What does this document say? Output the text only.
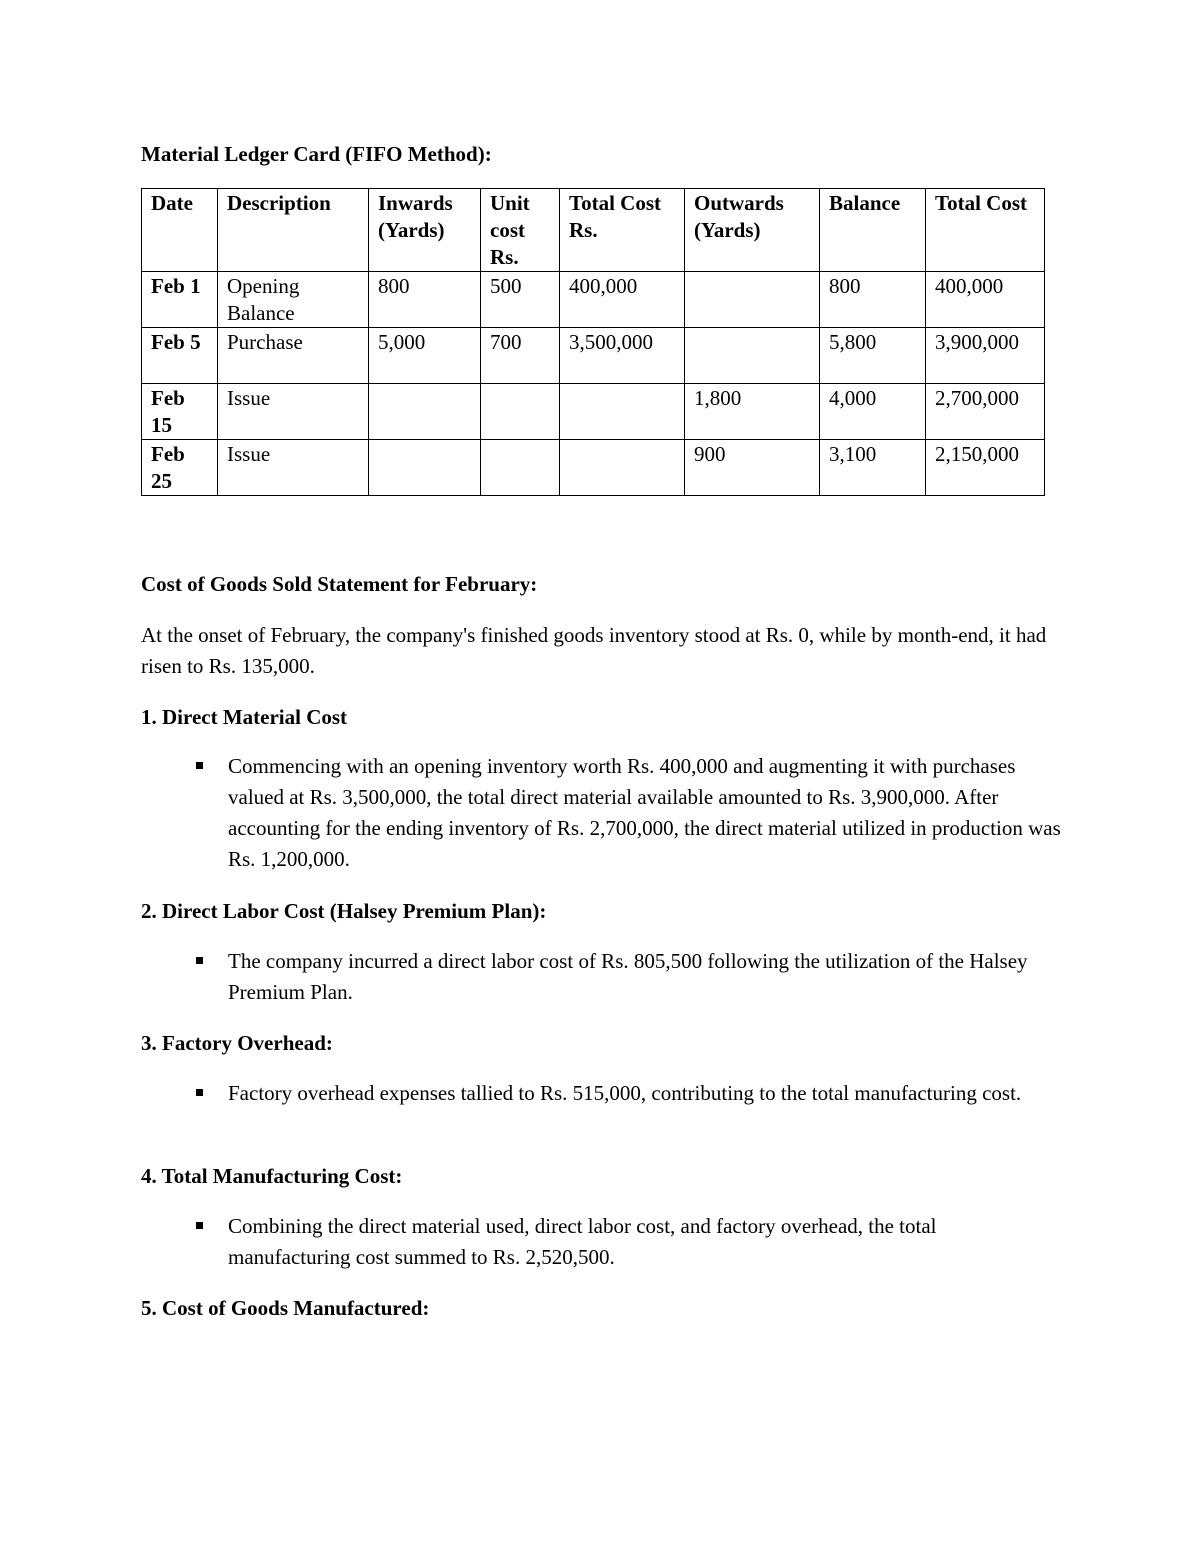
Material Ledger Card (FIFO Method):
Date	Description	Inwards (Yards)	Unit cost Rs.	Total Cost Rs.	Outwards (Yards)	Balance	Total Cost
Feb 1	Opening Balance	800	500	400,000		800	400,000
Feb 5	Purchase	5,000	700	3,500,000		5,800	3,900,000
Feb 15	Issue				1,800	4,000	2,700,000
Feb 25	Issue				900	3,100	2,150,000
Cost of Goods Sold Statement for February:
At the onset of February, the company's finished goods inventory stood at Rs. 0, while by month-end, it had risen to Rs. 135,000.
1. Direct Material Cost
Commencing with an opening inventory worth Rs. 400,000 and augmenting it with purchases valued at Rs. 3,500,000, the total direct material available amounted to Rs. 3,900,000. After accounting for the ending inventory of Rs. 2,700,000, the direct material utilized in production was Rs. 1,200,000.
2. Direct Labor Cost (Halsey Premium Plan):
The company incurred a direct labor cost of Rs. 805,500 following the utilization of the Halsey Premium Plan.
3. Factory Overhead:
Factory overhead expenses tallied to Rs. 515,000, contributing to the total manufacturing cost.
4. Total Manufacturing Cost:
Combining the direct material used, direct labor cost, and factory overhead, the total manufacturing cost summed to Rs. 2,520,500.
5. Cost of Goods Manufactured:
